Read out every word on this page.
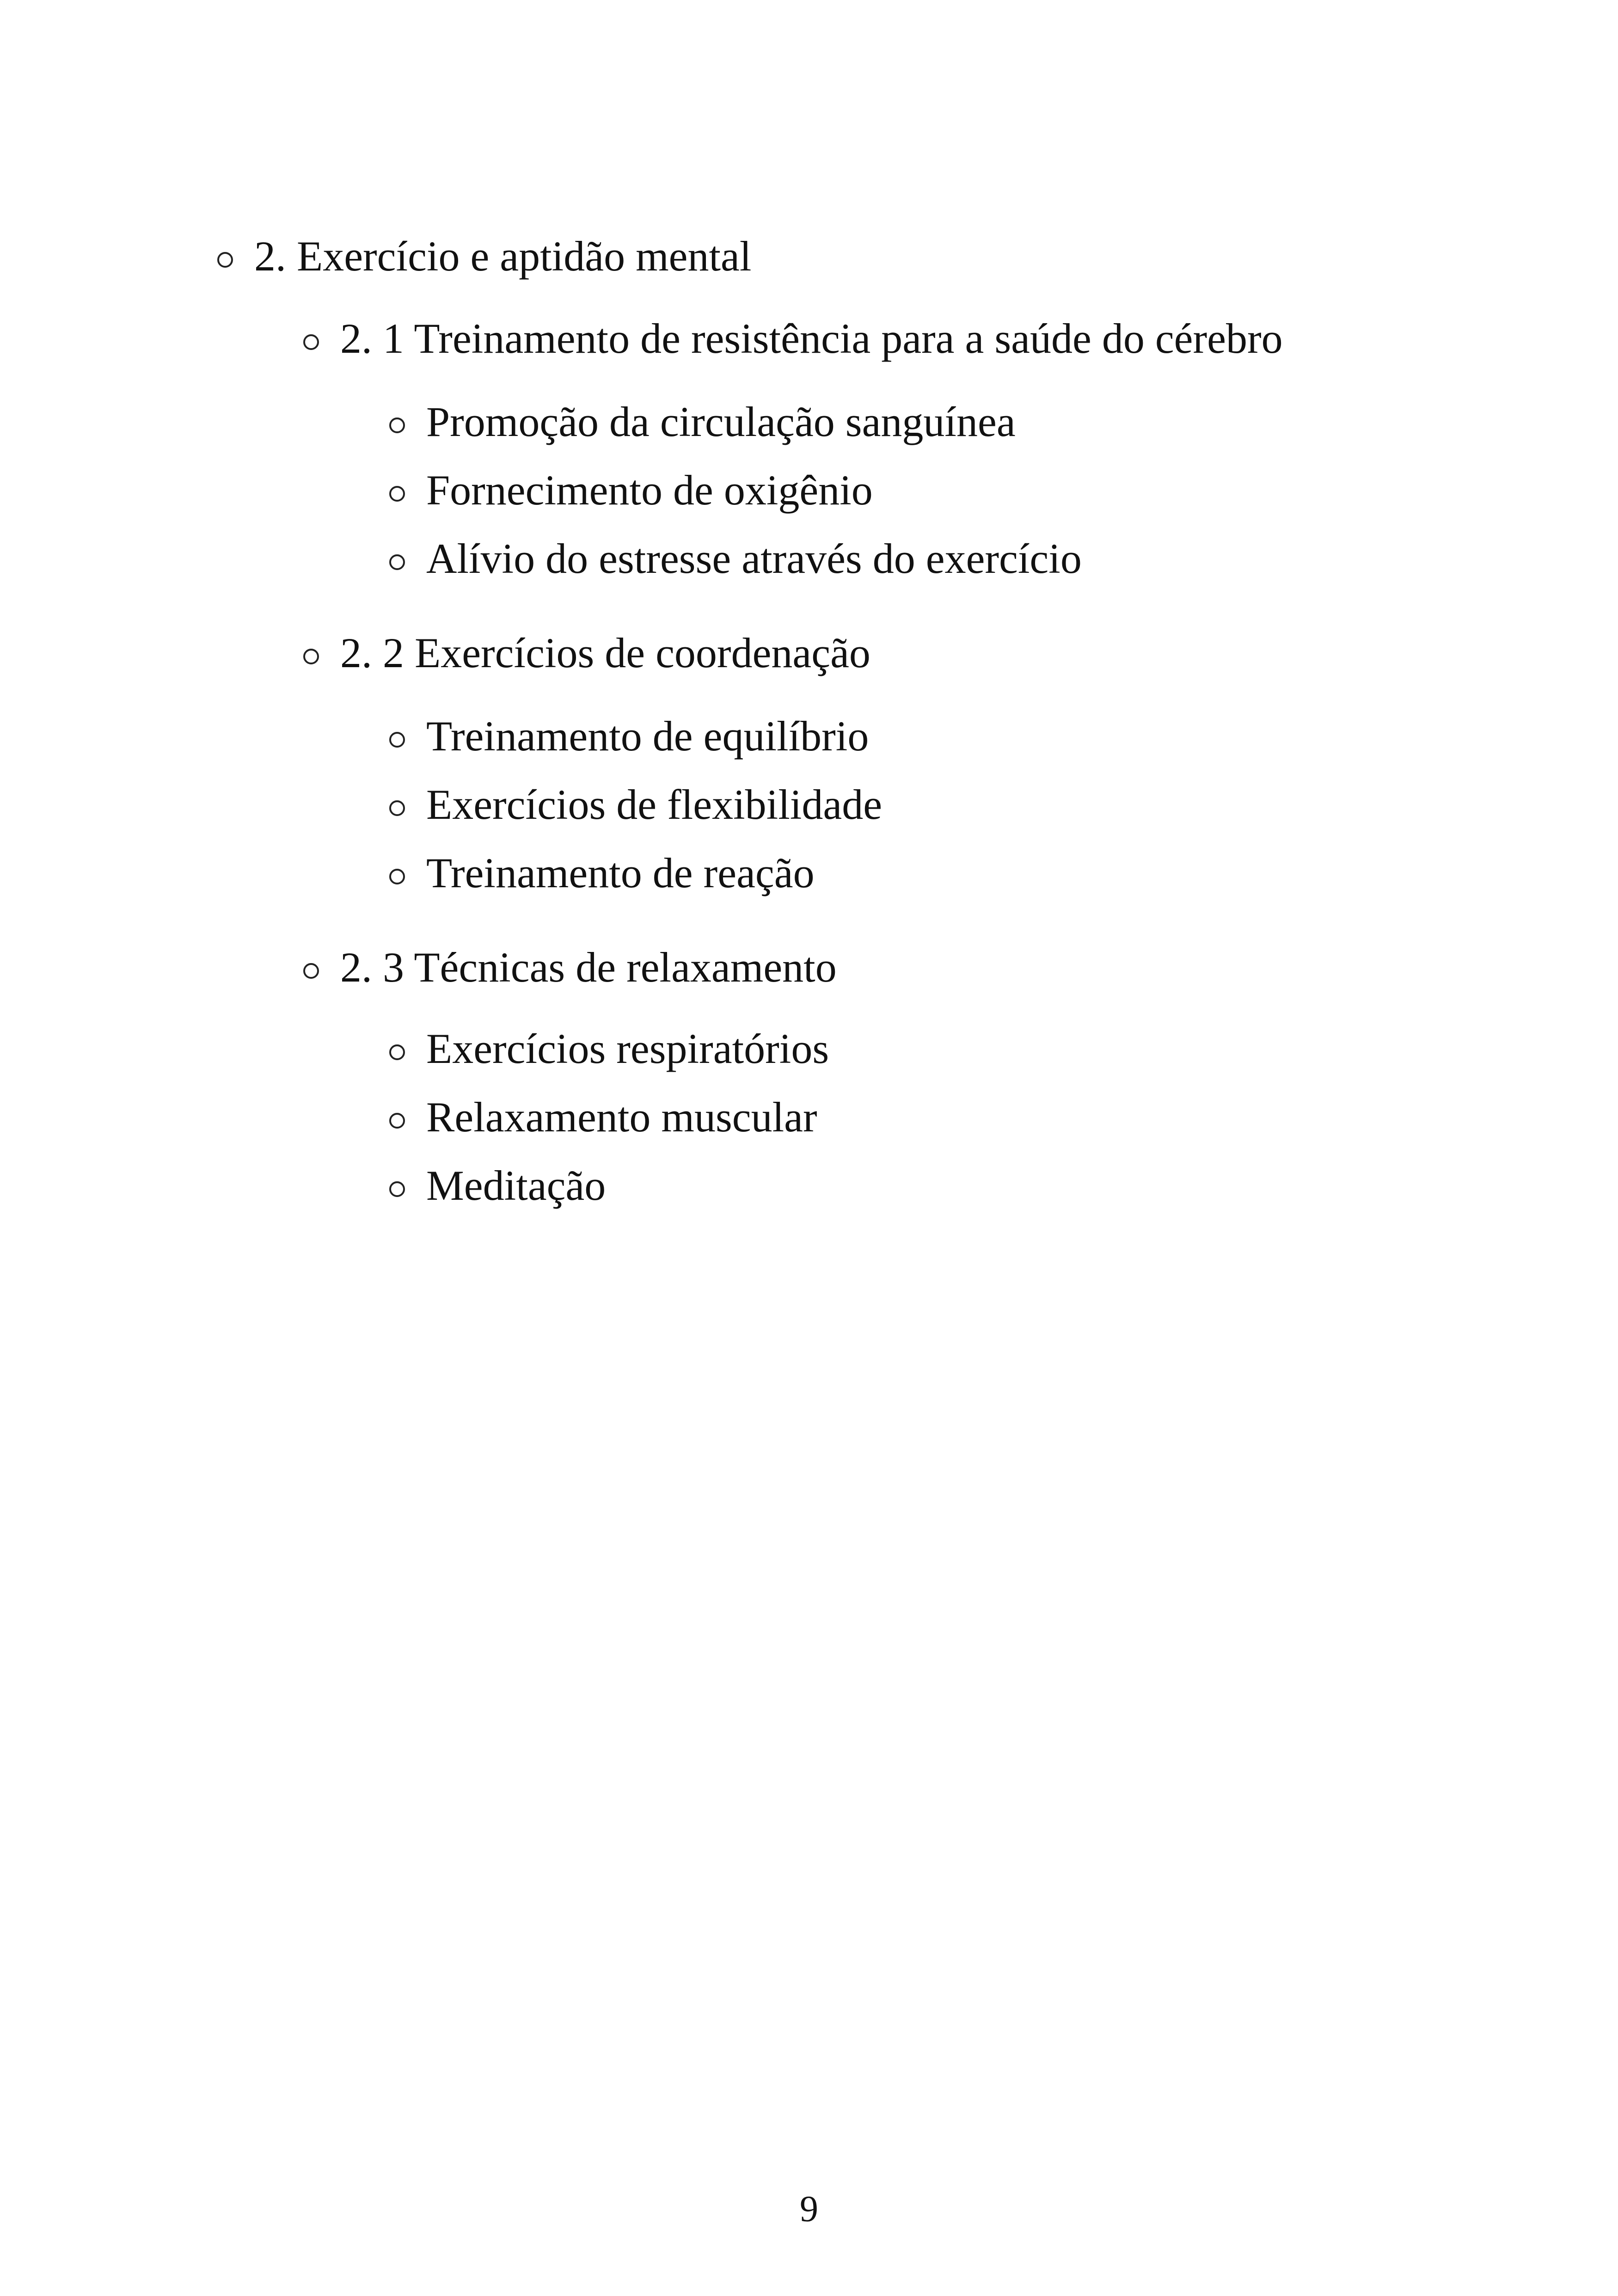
2. Exercício e aptidão mental
2. 1 Treinamento de resistência para a saúde do cérebro
Promoção da circulação sanguínea
Fornecimento de oxigênio
Alívio do estresse através do exercício
2. 2 Exercícios de coordenação
Treinamento de equilíbrio
Exercícios de flexibilidade
Treinamento de reação
2. 3 Técnicas de relaxamento
Exercícios respiratórios
Relaxamento muscular
Meditação
9
